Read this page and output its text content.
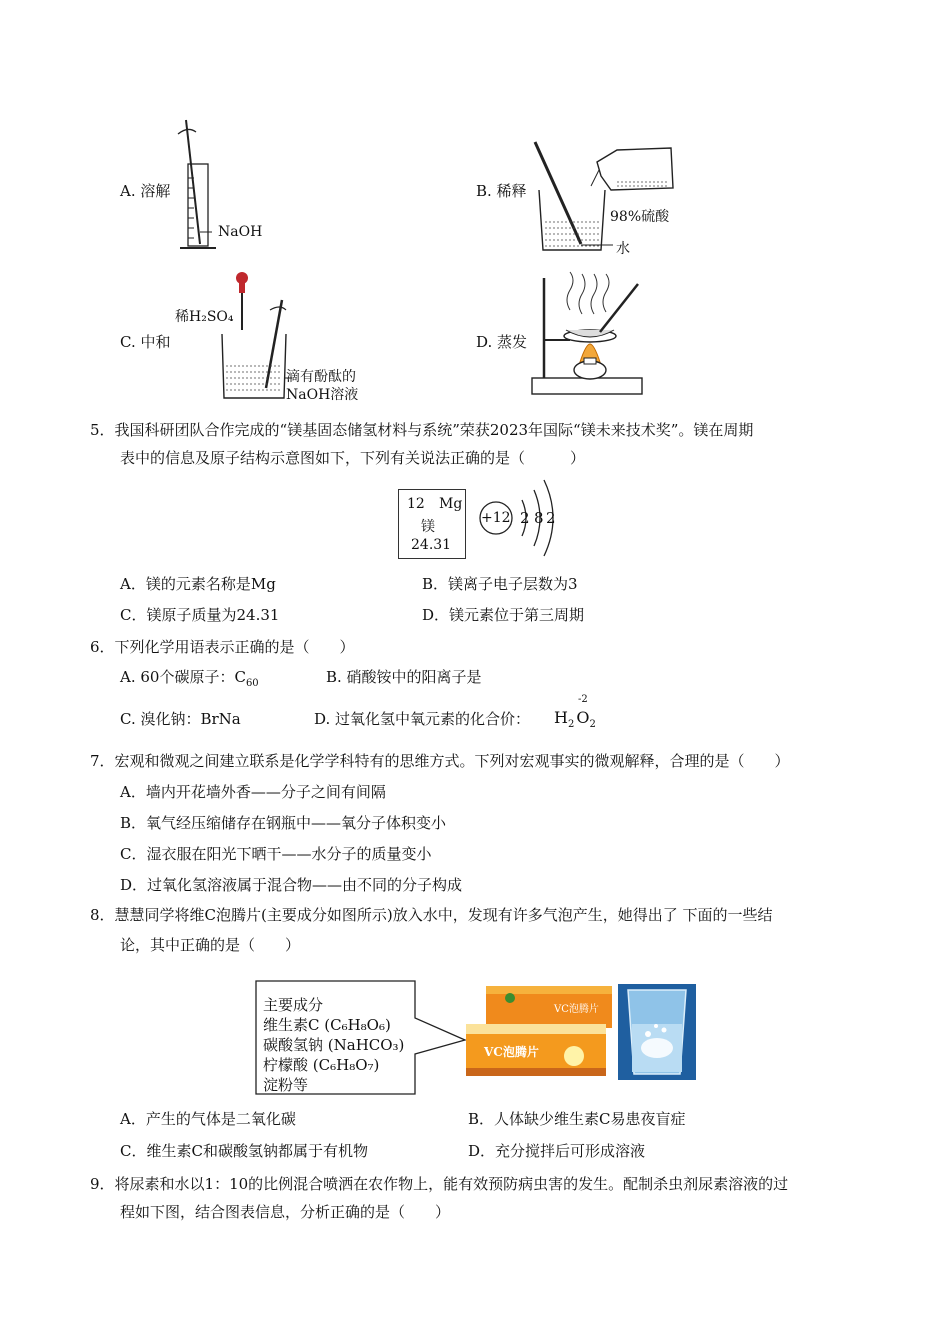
A. 溶解
NaOH
B. 稀释
98%硫酸
水
C. 中和
稀H₂SO₄
滴有酚酞的
NaOH溶液
D. 蒸发
5．我国科研团队合作完成的“镁基固态储氢材料与系统”荣获2023年国际“镁未来技术奖”。镁在周期
表中的信息及原子结构示意图如下，下列有关说法正确的是（　　　）
12 Mg
镁
24.31
+12 2 8 2
A．镁的元素名称是Mg	B．镁离子电子层数为3
C．镁原子质量为24.31	D．镁元素位于第三周期
6．下列化学用语表示正确的是（　　）
A. 60个碳原子：$C_{60}$	B. 硝酸铵中的阳离子是
C. 溴化钠：BrNa	D. 过氧化氢中氧元素的化合价：
-2
$H_2$ $O_2$
7．宏观和微观之间建立联系是化学学科特有的思维方式。下列对宏观事实的微观解释，合理的是（　　）
A．墙内开花墙外香——分子之间有间隔
B．氧气经压缩储存在钢瓶中——氧分子体积变小
C．湿衣服在阳光下晒干——水分子的质量变小
D．过氧化氢溶液属于混合物——由不同的分子构成
8．慧慧同学将维C泡腾片(主要成分如图所示)放入水中，发现有许多气泡产生，她得出了 下面的一些结
论，其中正确的是（　　）
主要成分
维生素C (C₆H₈O₆)
碳酸氢钠 (NaHCO₃)
柠檬酸 (C₆H₈O₇)
淀粉等
VC泡腾片
VC泡腾片
A．产生的气体是二氧化碳	B．人体缺少维生素C易患夜盲症
C．维生素C和碳酸氢钠都属于有机物	D．充分搅拌后可形成溶液
9．将尿素和水以1：10的比例混合喷洒在农作物上，能有效预防病虫害的发生。配制杀虫剂尿素溶液的过
程如下图，结合图表信息，分析正确的是（　　）
